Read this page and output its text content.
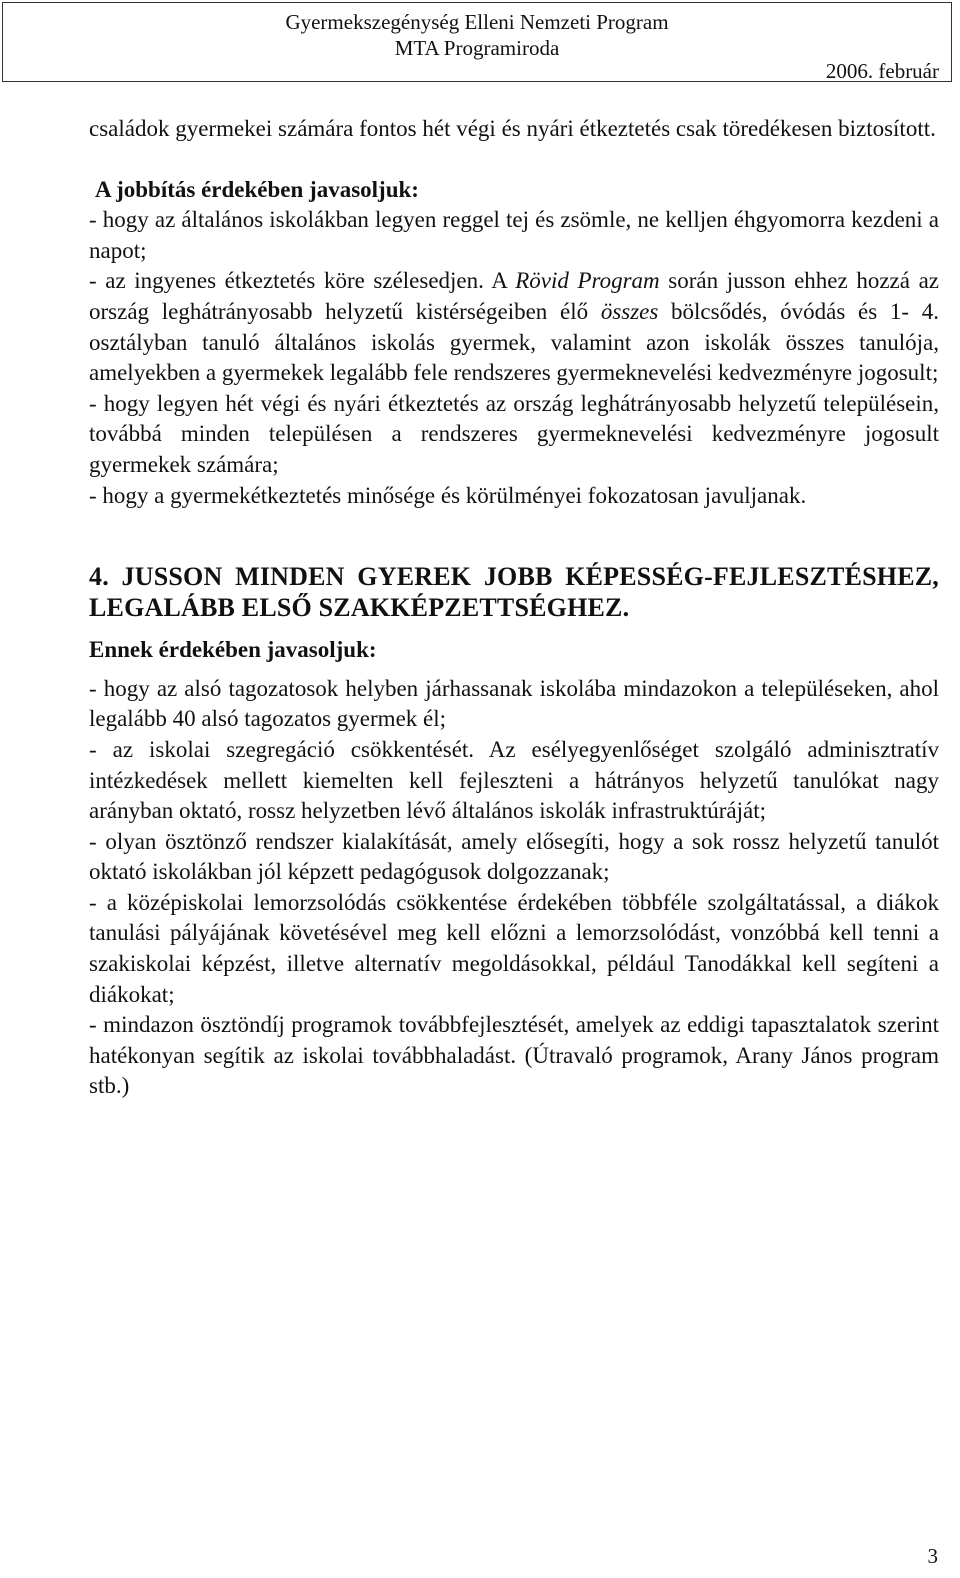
Gyermekszegénység Elleni Nemzeti Program
MTA Programiroda
2006. február

családok gyermekei számára fontos hét végi és nyári étkeztetés csak töredékesen biztosított.

A jobbítás érdekében javasoljuk:

- hogy az általános iskolákban legyen reggel tej és zsömle, ne kelljen éhgyomorra kezdeni a napot;

- az ingyenes étkeztetés köre szélesedjen. A Rövid Program során jusson ehhez hozzá az ország leghátrányosabb helyzetű kistérségeiben élő összes bölcsődés, óvódás és 1- 4. osztályban tanuló általános iskolás gyermek, valamint azon iskolák összes tanulója, amelyekben a gyermekek legalább fele rendszeres gyermeknevelési kedvezményre jogosult;

- hogy legyen hét végi és nyári étkeztetés az ország leghátrányosabb helyzetű településein, továbbá minden településen a rendszeres gyermeknevelési kedvezményre jogosult gyermekek számára;

- hogy a gyermekétkeztetés minősége és körülményei fokozatosan javuljanak.

4. JUSSON MINDEN GYEREK JOBB KÉPESSÉG-FEJLESZTÉSHEZ, LEGALÁBB ELSŐ SZAKKÉPZETTSÉGHEZ.

Ennek érdekében javasoljuk:

- hogy az alsó tagozatosok helyben járhassanak iskolába mindazokon a településeken, ahol legalább 40 alsó tagozatos gyermek él;

- az iskolai szegregáció csökkentését. Az esélyegyenlőséget szolgáló adminisztratív intézkedések mellett kiemelten kell fejleszteni a hátrányos helyzetű tanulókat nagy arányban oktató, rossz helyzetben lévő általános iskolák infrastruktúráját;

- olyan ösztönző rendszer kialakítását, amely elősegíti, hogy a sok rossz helyzetű tanulót oktató iskolákban jól képzett pedagógusok dolgozzanak;

- a középiskolai lemorzsolódás csökkentése érdekében többféle szolgáltatással, a diákok tanulási pályájának követésével meg kell előzni a lemorzsolódást, vonzóbbá kell tenni a szakiskolai képzést, illetve alternatív megoldásokkal, például Tanodákkal kell segíteni a diákokat;

- mindazon ösztöndíj programok továbbfejlesztését, amelyek az eddigi tapasztalatok szerint hatékonyan segítik az iskolai továbbhaladást. (Útravaló programok, Arany János program stb.)

3
